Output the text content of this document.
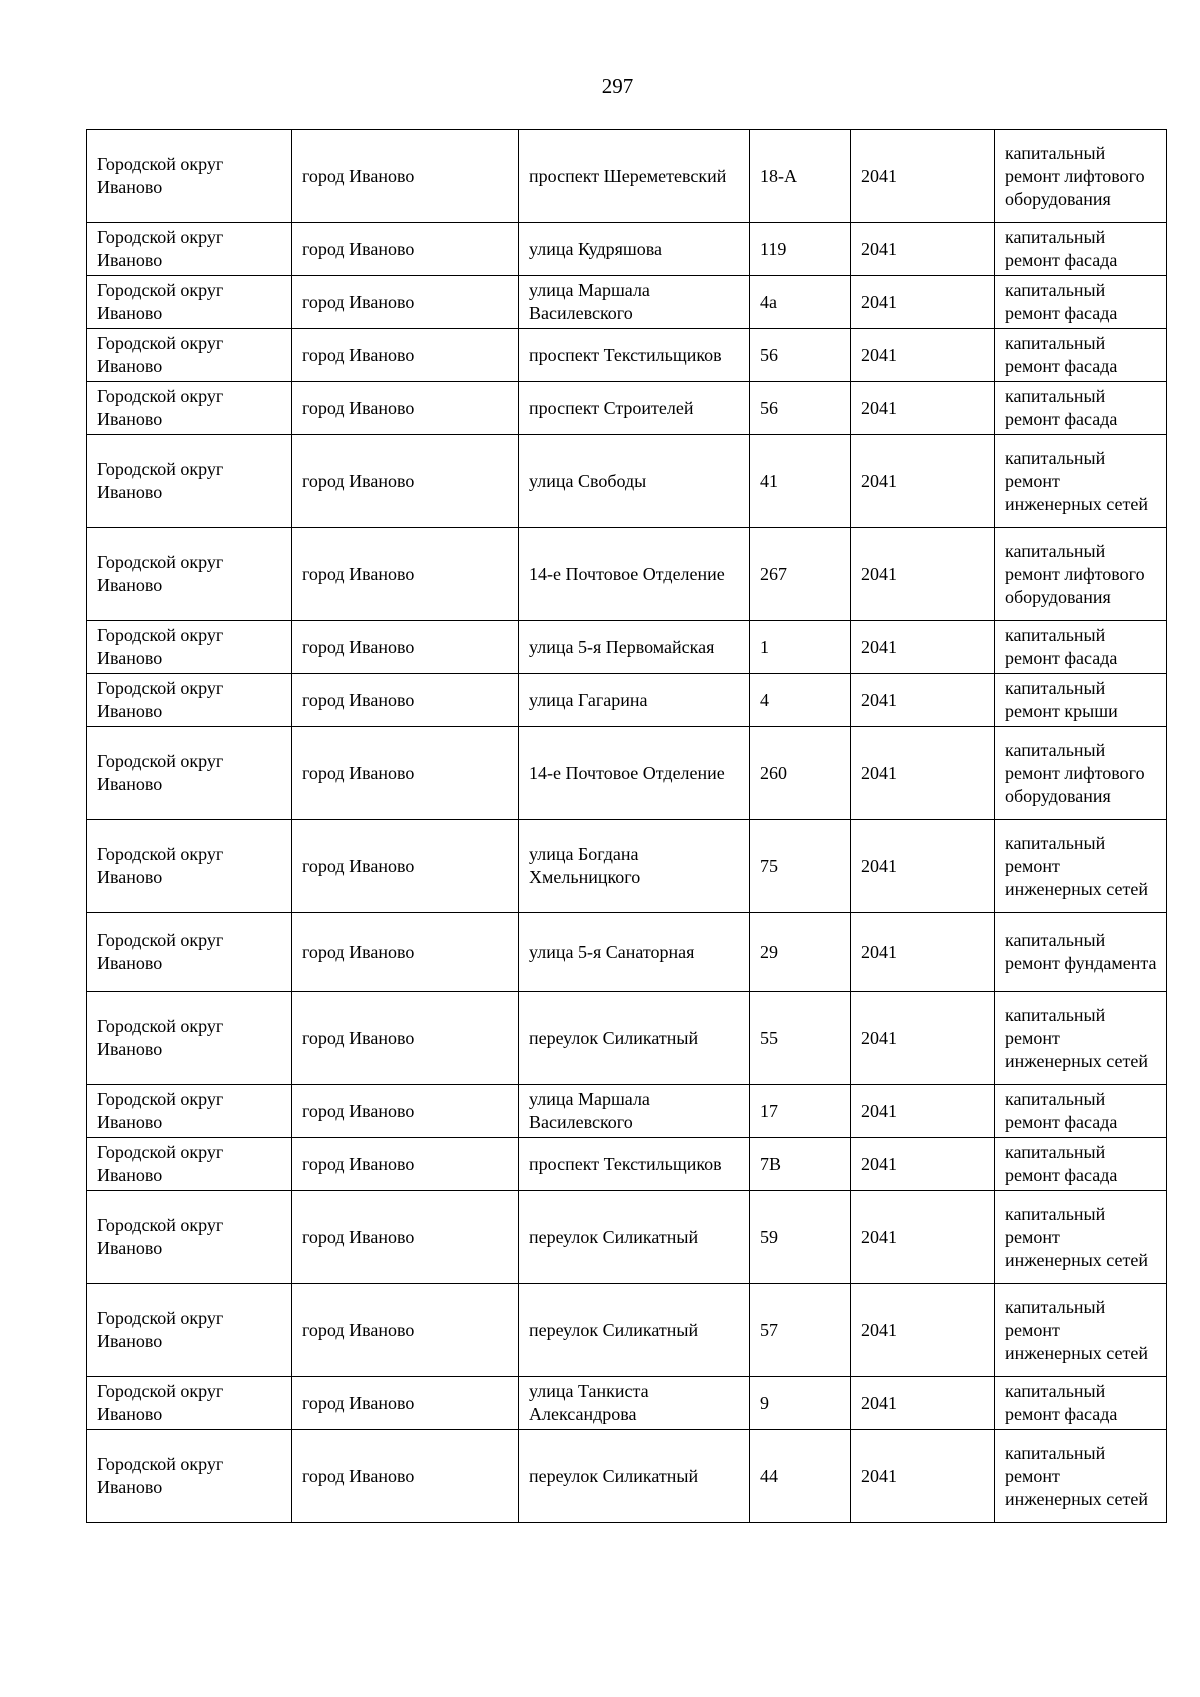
297
Городской округ Иваново	город Иваново	проспект Шереметевский	18-А	2041	капитальный ремонт лифтового оборудования
Городской округ Иваново	город Иваново	улица Кудряшова	119	2041	капитальный ремонт фасада
Городской округ Иваново	город Иваново	улица Маршала Василевского	4а	2041	капитальный ремонт фасада
Городской округ Иваново	город Иваново	проспект Текстильщиков	56	2041	капитальный ремонт фасада
Городской округ Иваново	город Иваново	проспект Строителей	56	2041	капитальный ремонт фасада
Городской округ Иваново	город Иваново	улица Свободы	41	2041	капитальный ремонт инженерных сетей
Городской округ Иваново	город Иваново	14-е Почтовое Отделение	267	2041	капитальный ремонт лифтового оборудования
Городской округ Иваново	город Иваново	улица 5-я Первомайская	1	2041	капитальный ремонт фасада
Городской округ Иваново	город Иваново	улица Гагарина	4	2041	капитальный ремонт крыши
Городской округ Иваново	город Иваново	14-е Почтовое Отделение	260	2041	капитальный ремонт лифтового оборудования
Городской округ Иваново	город Иваново	улица Богдана Хмельницкого	75	2041	капитальный ремонт инженерных сетей
Городской округ Иваново	город Иваново	улица 5-я Санаторная	29	2041	капитальный ремонт фундамента
Городской округ Иваново	город Иваново	переулок Силикатный	55	2041	капитальный ремонт инженерных сетей
Городской округ Иваново	город Иваново	улица Маршала Василевского	17	2041	капитальный ремонт фасада
Городской округ Иваново	город Иваново	проспект Текстильщиков	7В	2041	капитальный ремонт фасада
Городской округ Иваново	город Иваново	переулок Силикатный	59	2041	капитальный ремонт инженерных сетей
Городской округ Иваново	город Иваново	переулок Силикатный	57	2041	капитальный ремонт инженерных сетей
Городской округ Иваново	город Иваново	улица Танкиста Александрова	9	2041	капитальный ремонт фасада
Городской округ Иваново	город Иваново	переулок Силикатный	44	2041	капитальный ремонт инженерных сетей
